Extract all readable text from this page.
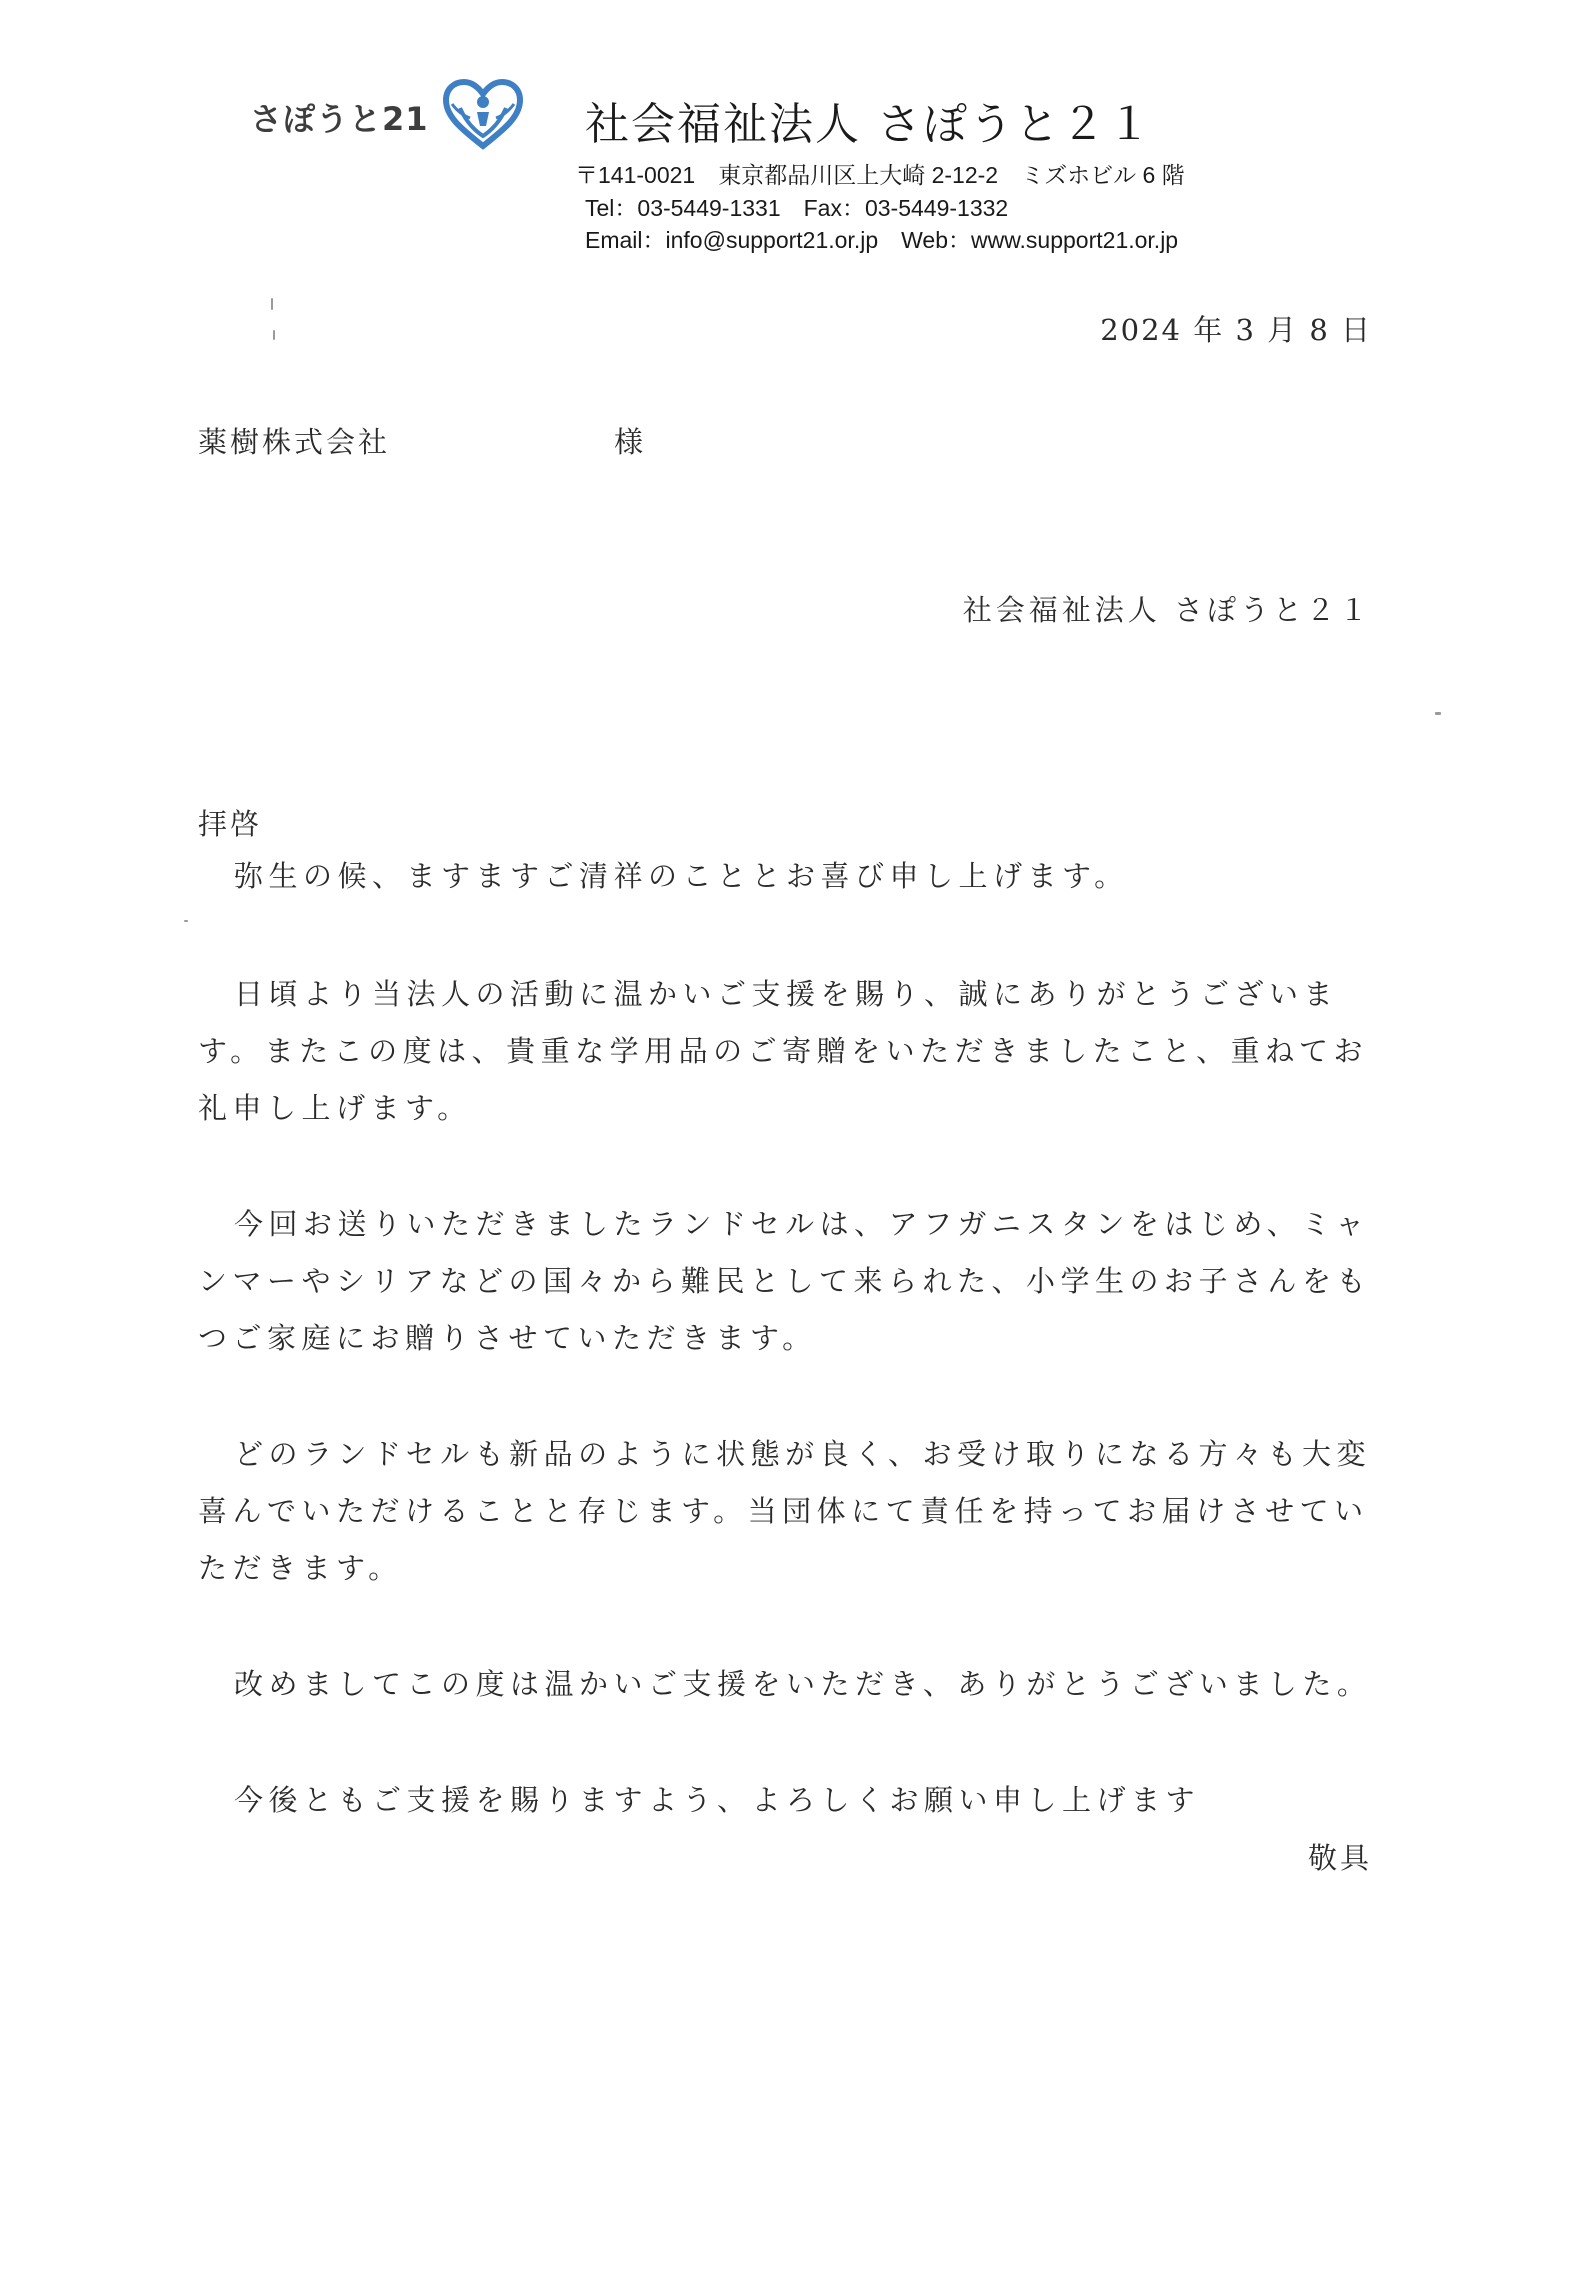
さぽうと21	社会福祉法人 さぽうと２１
〒141-0021　東京都品川区上大崎 2-12-2　ミズホビル 6 階
Tel：03-5449-1331　Fax：03-5449-1332
Email：info@support21.or.jp　Web：www.support21.or.jp
2024 年 3 月 8 日
薬樹株式会社	様
社会福祉法人 さぽうと２１
拝啓

弥生の候、ますますご清祥のこととお喜び申し上げます。

日頃より当法人の活動に温かいご支援を賜り、誠にありがとうございます。またこの度は、貴重な学用品のご寄贈をいただきましたこと、重ねてお礼申し上げます。

今回お送りいただきましたランドセルは、アフガニスタンをはじめ、ミャンマーやシリアなどの国々から難民として来られた、小学生のお子さんをもつご家庭にお贈りさせていただきます。

どのランドセルも新品のように状態が良く、お受け取りになる方々も大変喜んでいただけることと存じます。当団体にて責任を持ってお届けさせていただきます。

改めましてこの度は温かいご支援をいただき、ありがとうございました。

今後ともご支援を賜りますよう、よろしくお願い申し上げます

敬具
